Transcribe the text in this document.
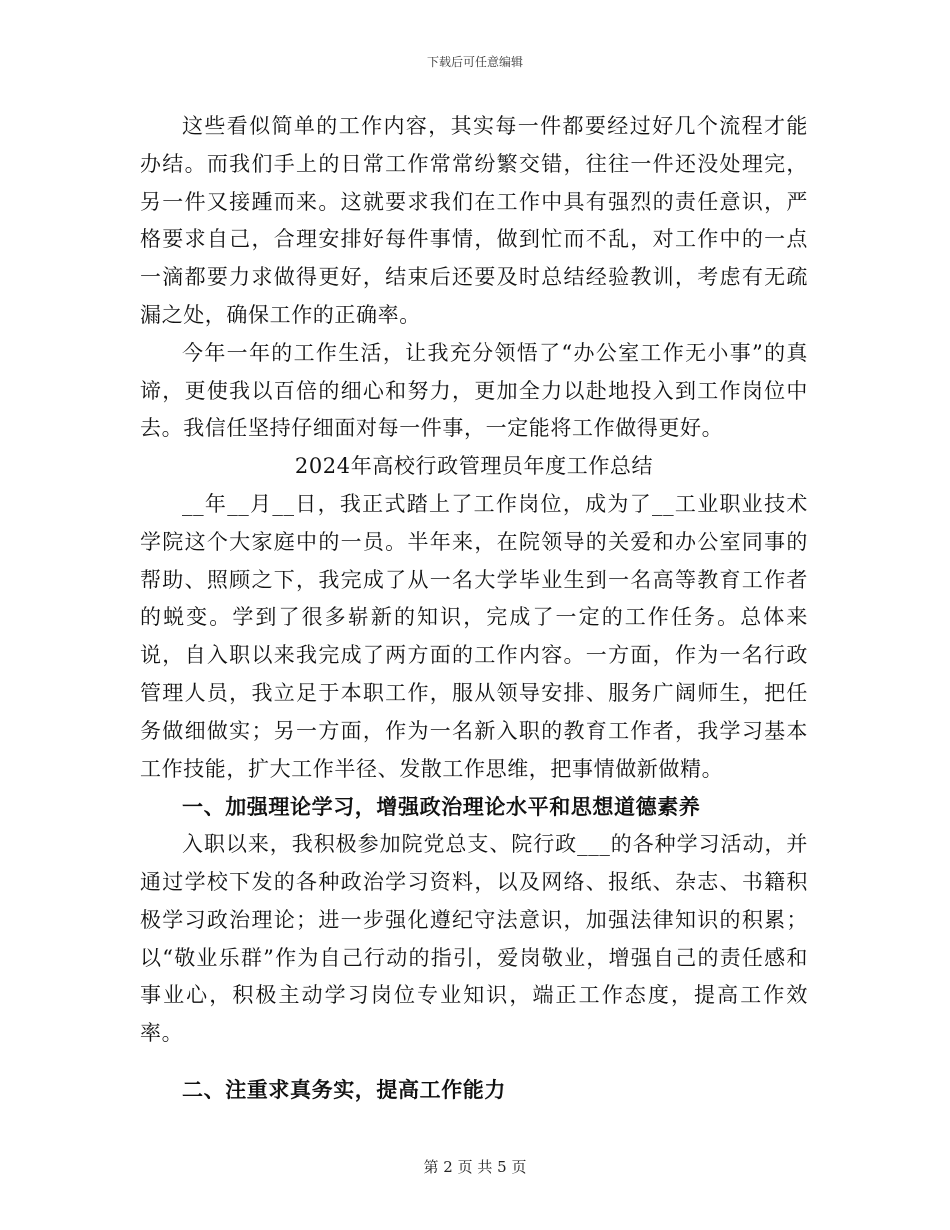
下载后可任意编辑

这些看似简单的工作内容，其实每一件都要经过好几个流程才能办结。而我们手上的日常工作常常纷繁交错，往往一件还没处理完，另一件又接踵而来。这就要求我们在工作中具有强烈的责任意识，严格要求自己，合理安排好每件事情，做到忙而不乱，对工作中的一点一滴都要力求做得更好，结束后还要及时总结经验教训，考虑有无疏漏之处，确保工作的正确率。

今年一年的工作生活，让我充分领悟了“办公室工作无小事”的真谛，更使我以百倍的细心和努力，更加全力以赴地投入到工作岗位中去。我信任坚持仔细面对每一件事，一定能将工作做得更好。

2024年高校行政管理员年度工作总结

__年__月__日，我正式踏上了工作岗位，成为了__工业职业技术学院这个大家庭中的一员。半年来，在院领导的关爱和办公室同事的帮助、照顾之下，我完成了从一名大学毕业生到一名高等教育工作者的蜕变。学到了很多崭新的知识，完成了一定的工作任务。总体来说，自入职以来我完成了两方面的工作内容。一方面，作为一名行政管理人员，我立足于本职工作，服从领导安排、服务广阔师生，把任务做细做实；另一方面，作为一名新入职的教育工作者，我学习基本工作技能，扩大工作半径、发散工作思维，把事情做新做精。

一、加强理论学习，增强政治理论水平和思想道德素养

入职以来，我积极参加院党总支、院行政___的各种学习活动，并通过学校下发的各种政治学习资料，以及网络、报纸、杂志、书籍积极学习政治理论；进一步强化遵纪守法意识，加强法律知识的积累；以“敬业乐群”作为自己行动的指引，爱岗敬业，增强自己的责任感和事业心，积极主动学习岗位专业知识，端正工作态度，提高工作效率。

二、注重求真务实，提高工作能力
第 2 页 共 5 页
